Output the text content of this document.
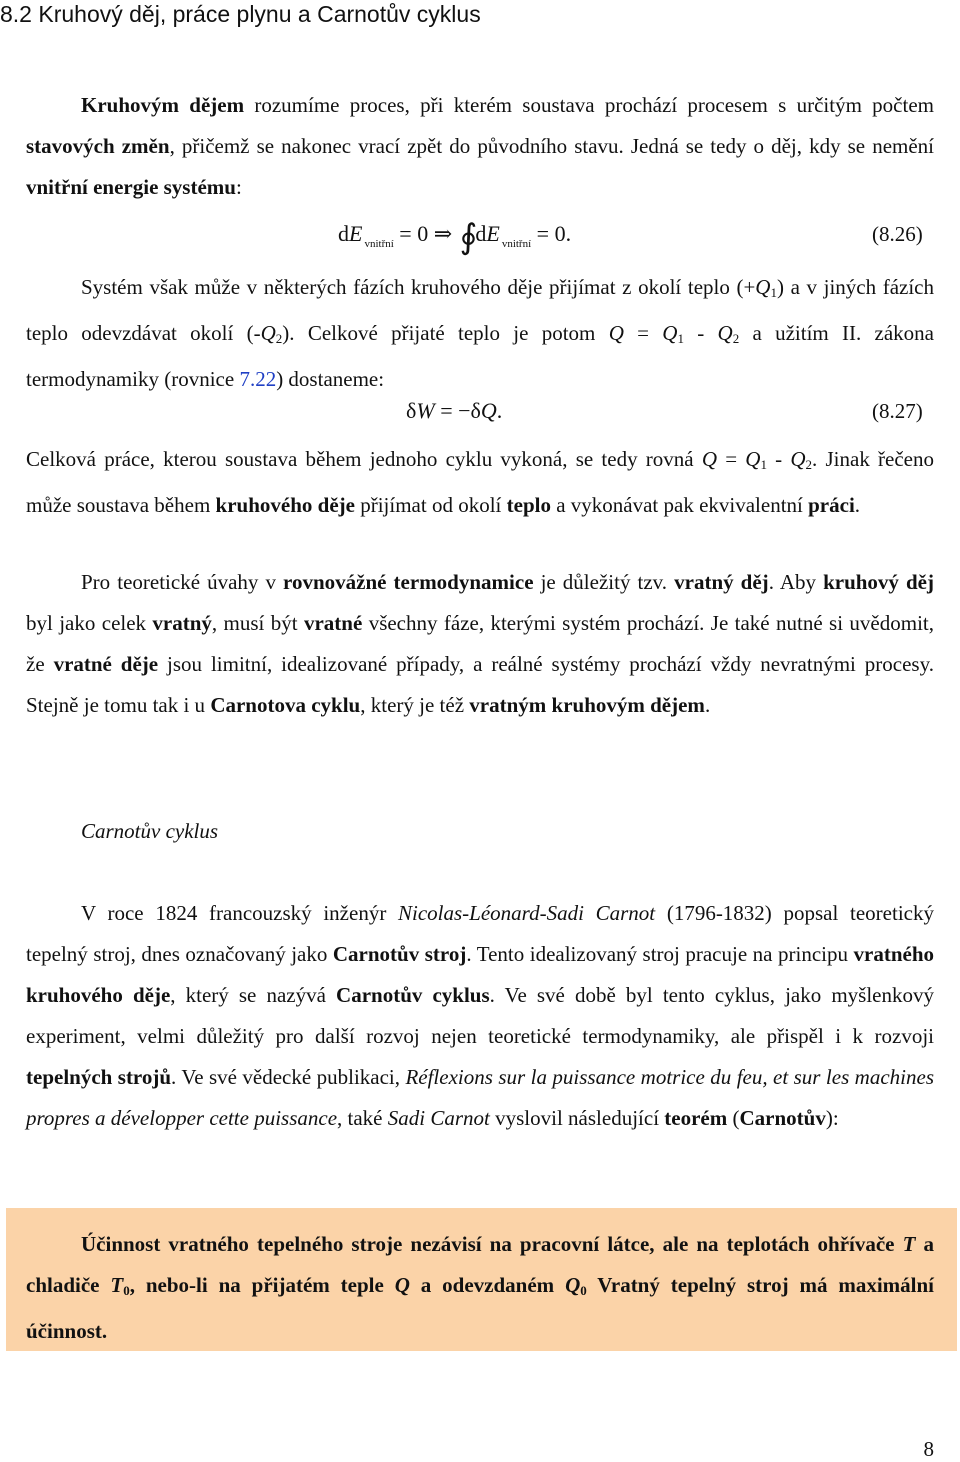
8.2 Kruhový děj, práce plynu a Carnotův cyklus

Kruhovým dějem rozumíme proces, při kterém soustava prochází procesem s určitým počtem stavových změn, přičemž se nakonec vrací zpět do původního stavu. Jedná se tedy o děj, kdy se nemění vnitřní energie systému:

dE $_{vnitřní}$ = 0 ⇒ ∮dE $_{vnitřní}$ = 0.	(8.26)

Systém však může v některých fázích kruhového děje přijímat z okolí teplo $(+Q_1)$ a v jiných fázích teplo odevzdávat okolí $(-Q_2)$. Celkové přijaté teplo je potom $Q = Q_1 - Q_2$ a užitím II. zákona termodynamiky (rovnice 7.22) dostaneme:

δW = −δQ.	(8.27)

Celková práce, kterou soustava během jednoho cyklu vykoná, se tedy rovná $Q = Q_1 - Q_2$. Jinak řečeno může soustava během kruhového děje přijímat od okolí teplo a vykonávat pak ekvivalentní práci.

Pro teoretické úvahy v rovnovážné termodynamice je důležitý tzv. vratný děj. Aby kruhový děj byl jako celek vratný, musí být vratné všechny fáze, kterými systém prochází. Je také nutné si uvědomit, že vratné děje jsou limitní, idealizované případy, a reálné systémy prochází vždy nevratnými procesy. Stejně je tomu tak i u Carnotova cyklu, který je též vratným kruhovým dějem.

Carnotův cyklus

V roce 1824 francouzský inženýr Nicolas-Léonard-Sadi Carnot (1796-1832) popsal teoretický tepelný stroj, dnes označovaný jako Carnotův stroj. Tento idealizovaný stroj pracuje na principu vratného kruhového děje, který se nazývá Carnotův cyklus. Ve své době byl tento cyklus, jako myšlenkový experiment, velmi důležitý pro další rozvoj nejen teoretické termodynamiky, ale přispěl i k rozvoji tepelných strojů. Ve své vědecké publikaci, Réflexions sur la puissance motrice du feu, et sur les machines propres a développer cette puissance, také Sadi Carnot vyslovil následující teorém (Carnotův):

Účinnost vratného tepelného stroje nezávisí na pracovní látce, ale na teplotách ohřívače T a chladiče $T_0$, nebo-li na přijatém teple Q a odevzdaném $Q_0$ Vratný tepelný stroj má maximální účinnost.

8
